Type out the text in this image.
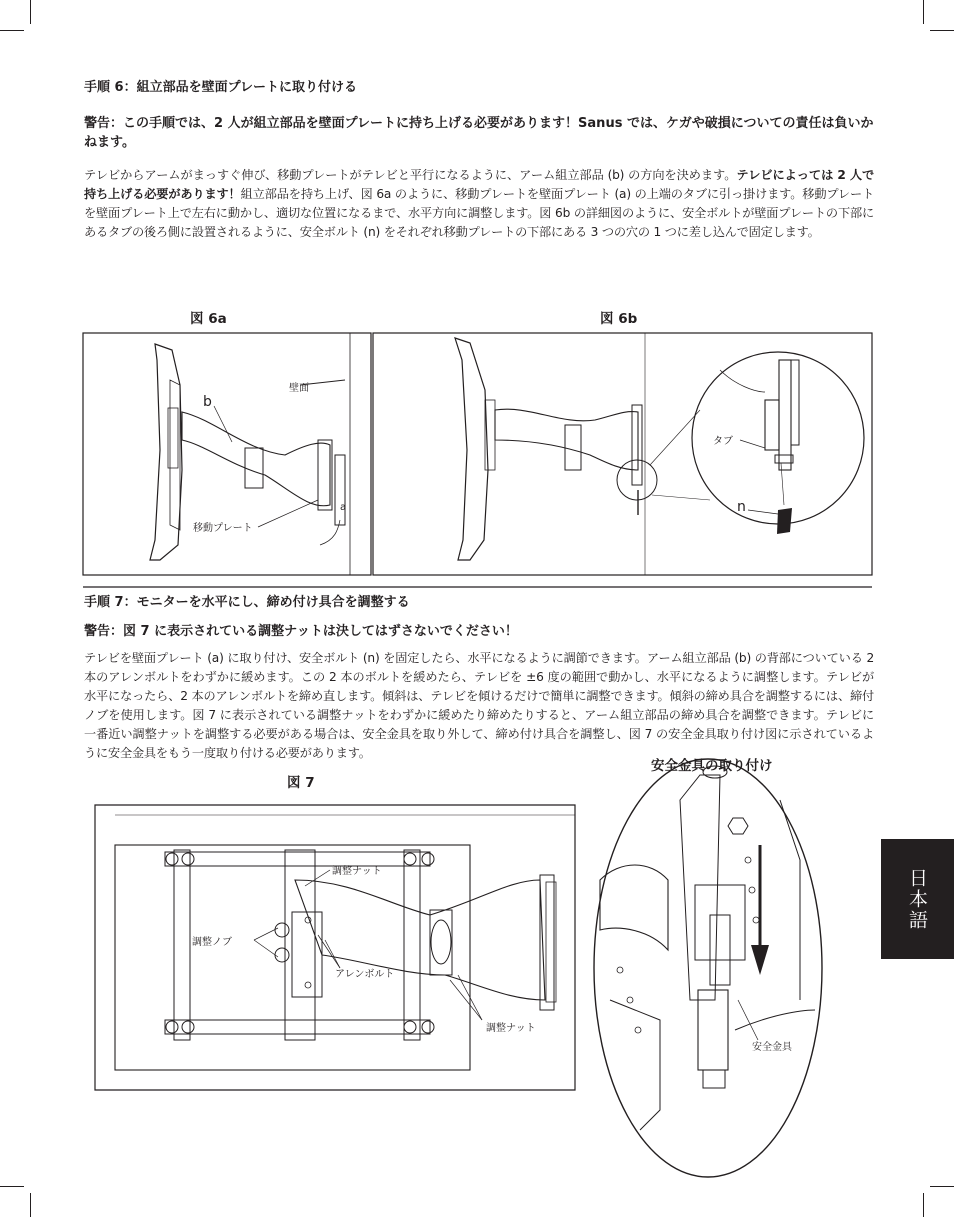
手順 6：組立部品を壁面プレートに取り付ける
警告：この手順では、2 人が組立部品を壁面プレートに持ち上げる必要があります！Sanus では、ケガや破損についての責任は負いかねます。
テレビからアームがまっすぐ伸び、移動プレートがテレビと平行になるように、アーム組立部品 (b) の方向を決めます。テレビによっては 2 人で持ち上げる必要があります！組立部品を持ち上げ、図 6a のように、移動プレートを壁面プレート (a) の上端のタブに引っ掛けます。移動プレートを壁面プレート上で左右に動かし、適切な位置になるまで、水平方向に調整します。図 6b の詳細図のように、安全ボルトが壁面プレートの下部にあるタブの後ろ側に設置されるように、安全ボルト (n) をそれぞれ移動プレートの下部にある 3 つの穴の 1 つに差し込んで固定します。
図 6a	図 6b
壁面
b
移動プレート
a
タブ
n
手順 7：モニターを水平にし、締め付け具合を調整する
警告：図 7 に表示されている調整ナットは決してはずさないでください！
テレビを壁面プレート (a) に取り付け、安全ボルト (n) を固定したら、水平になるように調節できます。アーム組立部品 (b) の背部についている 2 本のアレンボルトをわずかに緩めます。この 2 本のボルトを緩めたら、テレビを ±6 度の範囲で動かし、水平になるように調整します。テレビが水平になったら、2 本のアレンボルトを締め直します。傾斜は、テレビを傾けるだけで簡単に調整できます。傾斜の締め具合を調整するには、締付ノブを使用します。図 7 に表示されている調整ナットをわずかに緩めたり締めたりすると、アーム組立部品の締め具合を調整できます。テレビに一番近い調整ナットを調整する必要がある場合は、安全金具を取り外して、締め付け具合を調整し、図 7 の安全金具取り付け図に示されているように安全金具をもう一度取り付ける必要があります。
図 7
安全金具の取り付け
調整ナット
調整ノブ
アレンボルト
調整ナット
安全金具
日本語
